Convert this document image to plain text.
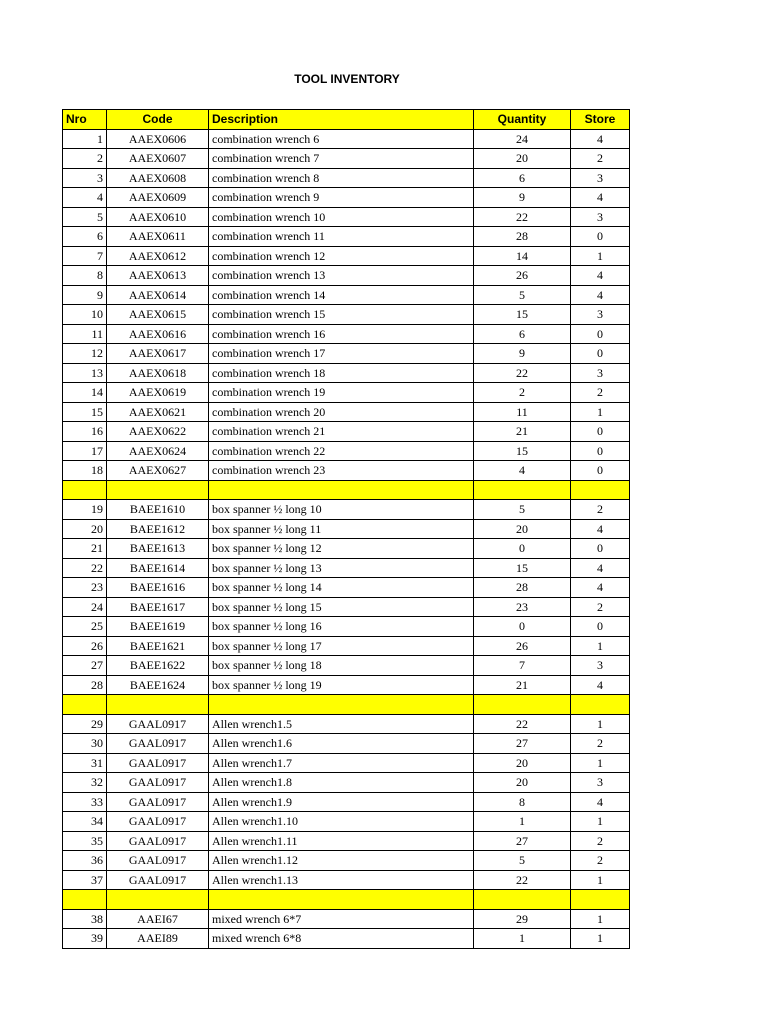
TOOL INVENTORY
Nro	Code	Description	Quantity	Store
1	AAEX0606	combination wrench 6	24	4
2	AAEX0607	combination wrench 7	20	2
3	AAEX0608	combination wrench 8	6	3
4	AAEX0609	combination wrench 9	9	4
5	AAEX0610	combination wrench 10	22	3
6	AAEX0611	combination wrench 11	28	0
7	AAEX0612	combination wrench 12	14	1
8	AAEX0613	combination wrench 13	26	4
9	AAEX0614	combination wrench 14	5	4
10	AAEX0615	combination wrench 15	15	3
11	AAEX0616	combination wrench 16	6	0
12	AAEX0617	combination wrench 17	9	0
13	AAEX0618	combination wrench 18	22	3
14	AAEX0619	combination wrench 19	2	2
15	AAEX0621	combination wrench 20	11	1
16	AAEX0622	combination wrench 21	21	0
17	AAEX0624	combination wrench 22	15	0
18	AAEX0627	combination wrench 23	4	0

19	BAEE1610	box spanner ½ long 10	5	2
20	BAEE1612	box spanner ½ long 11	20	4
21	BAEE1613	box spanner ½ long 12	0	0
22	BAEE1614	box spanner ½ long 13	15	4
23	BAEE1616	box spanner ½ long 14	28	4
24	BAEE1617	box spanner ½ long 15	23	2
25	BAEE1619	box spanner ½ long 16	0	0
26	BAEE1621	box spanner ½ long 17	26	1
27	BAEE1622	box spanner ½ long 18	7	3
28	BAEE1624	box spanner ½ long 19	21	4

29	GAAL0917	Allen wrench1.5	22	1
30	GAAL0917	Allen wrench1.6	27	2
31	GAAL0917	Allen wrench1.7	20	1
32	GAAL0917	Allen wrench1.8	20	3
33	GAAL0917	Allen wrench1.9	8	4
34	GAAL0917	Allen wrench1.10	1	1
35	GAAL0917	Allen wrench1.11	27	2
36	GAAL0917	Allen wrench1.12	5	2
37	GAAL0917	Allen wrench1.13	22	1

38	AAEI67	mixed wrench 6*7	29	1
39	AAEI89	mixed wrench 6*8	1	1
